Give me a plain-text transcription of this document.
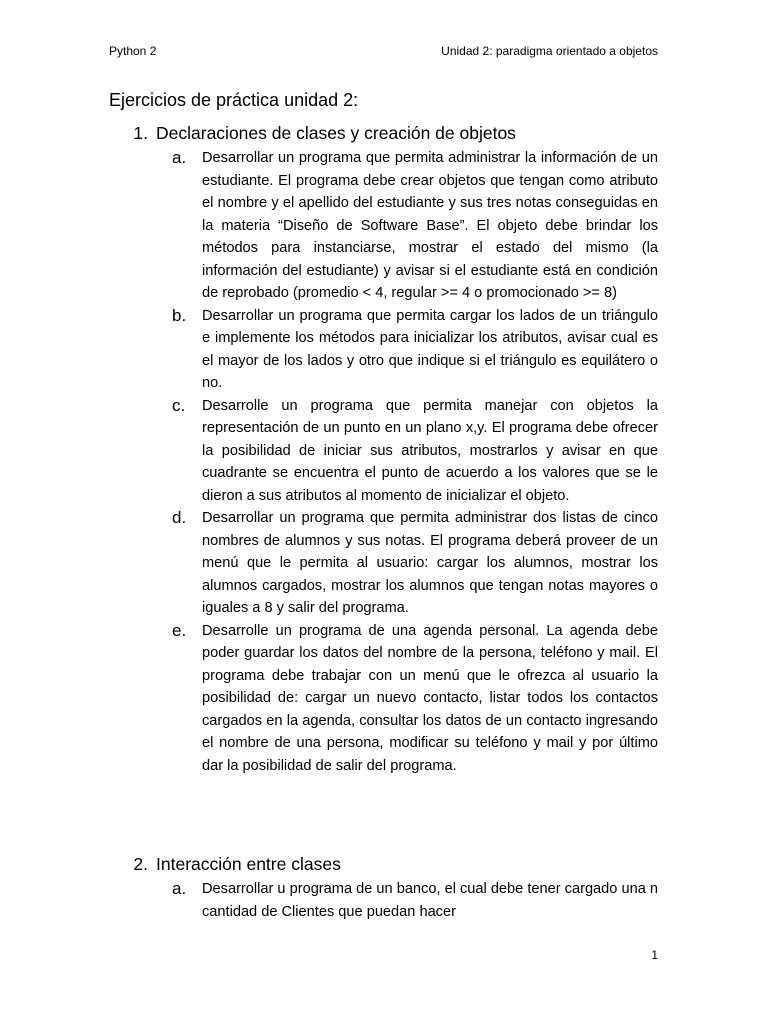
Python 2	Unidad 2: paradigma orientado a objetos
Ejercicios de práctica unidad 2:
1. Declaraciones de clases y creación de objetos
a.	Desarrollar un programa que permita administrar la información de un estudiante. El programa debe crear objetos que tengan como atributo el nombre y el apellido del estudiante y sus tres notas conseguidas en la materia “Diseño de Software Base”. El objeto debe brindar los métodos para instanciarse, mostrar el estado del mismo (la información del estudiante) y avisar si el estudiante está en condición de reprobado (promedio < 4, regular >= 4 o promocionado >= 8)
b.	Desarrollar un programa que permita cargar los lados de un triángulo e implemente los métodos para inicializar los atributos, avisar cual es el mayor de los lados y otro que indique si el triángulo es equilátero o no.
c.	Desarrolle un programa que permita manejar con objetos la representación de un punto en un plano x,y. El programa debe ofrecer la posibilidad de iniciar sus atributos, mostrarlos y avisar en que cuadrante se encuentra el punto de acuerdo a los valores que se le dieron a sus atributos al momento de inicializar el objeto.
d.	Desarrollar un programa que permita administrar dos listas de cinco nombres de alumnos y sus notas. El programa deberá proveer de un menú que le permita al usuario: cargar los alumnos, mostrar los alumnos cargados, mostrar los alumnos que tengan notas mayores o iguales a 8 y salir del programa.
e.	Desarrolle un programa de una agenda personal. La agenda debe poder guardar los datos del nombre de la persona, teléfono y mail. El programa debe trabajar con un menú que le ofrezca al usuario la posibilidad de: cargar un nuevo contacto, listar todos los contactos cargados en la agenda, consultar los datos de un contacto ingresando el nombre de una persona, modificar su teléfono y mail y por último dar la posibilidad de salir del programa.
2. Interacción entre clases
a.	Desarrollar u programa de un banco, el cual debe tener cargado una n cantidad de Clientes que puedan hacer
1
